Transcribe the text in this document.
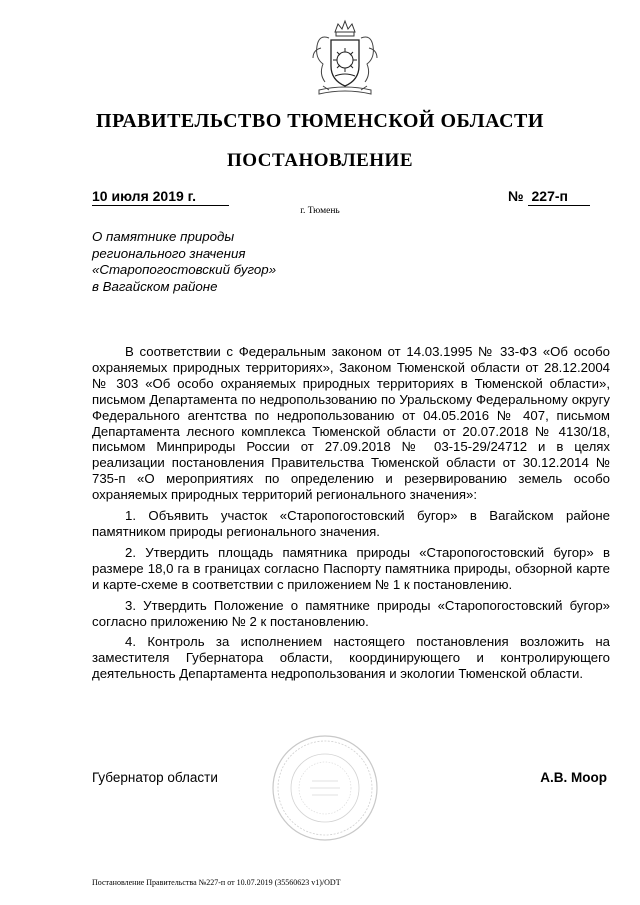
ПРАВИТЕЛЬСТВО ТЮМЕНСКОЙ ОБЛАСТИ
ПОСТАНОВЛЕНИЕ
10 июля 2019 г.	№ 227-п
г. Тюмень
О памятнике природы
регионального значения
«Старопогостовский бугор»
в Вагайском районе

В соответствии с Федеральным законом от 14.03.1995 № 33-ФЗ «Об особо охраняемых природных территориях», Законом Тюменской области от 28.12.2004 № 303 «Об особо охраняемых природных территориях в Тюменской области», письмом Департамента по недропользованию по Уральскому Федеральному округу Федерального агентства по недропользованию от 04.05.2016 № 407, письмом Департамента лесного комплекса Тюменской области от 20.07.2018 № 4130/18, письмом Минприроды России от 27.09.2018 № 03-15-29/24712 и в целях реализации постановления Правительства Тюменской области от 30.12.2014 № 735-п «О мероприятиях по определению и резервированию земель особо охраняемых природных территорий регионального значения»:

1. Объявить участок «Старопогостовский бугор» в Вагайском районе памятником природы регионального значения.

2. Утвердить площадь памятника природы «Старопогостовский бугор» в размере 18,0 га в границах согласно Паспорту памятника природы, обзорной карте и карте-схеме в соответствии с приложением № 1 к постановлению.

3. Утвердить Положение о памятнике природы «Старопогостовский бугор» согласно приложению № 2 к постановлению.

4. Контроль за исполнением настоящего постановления возложить на заместителя Губернатора области, координирующего и контролирующего деятельность Департамента недропользования и экологии Тюменской области.

Губернатор области	А.В. Моор
Постановление Правительства №227-п от 10.07.2019 (35560623 v1)/ODT
